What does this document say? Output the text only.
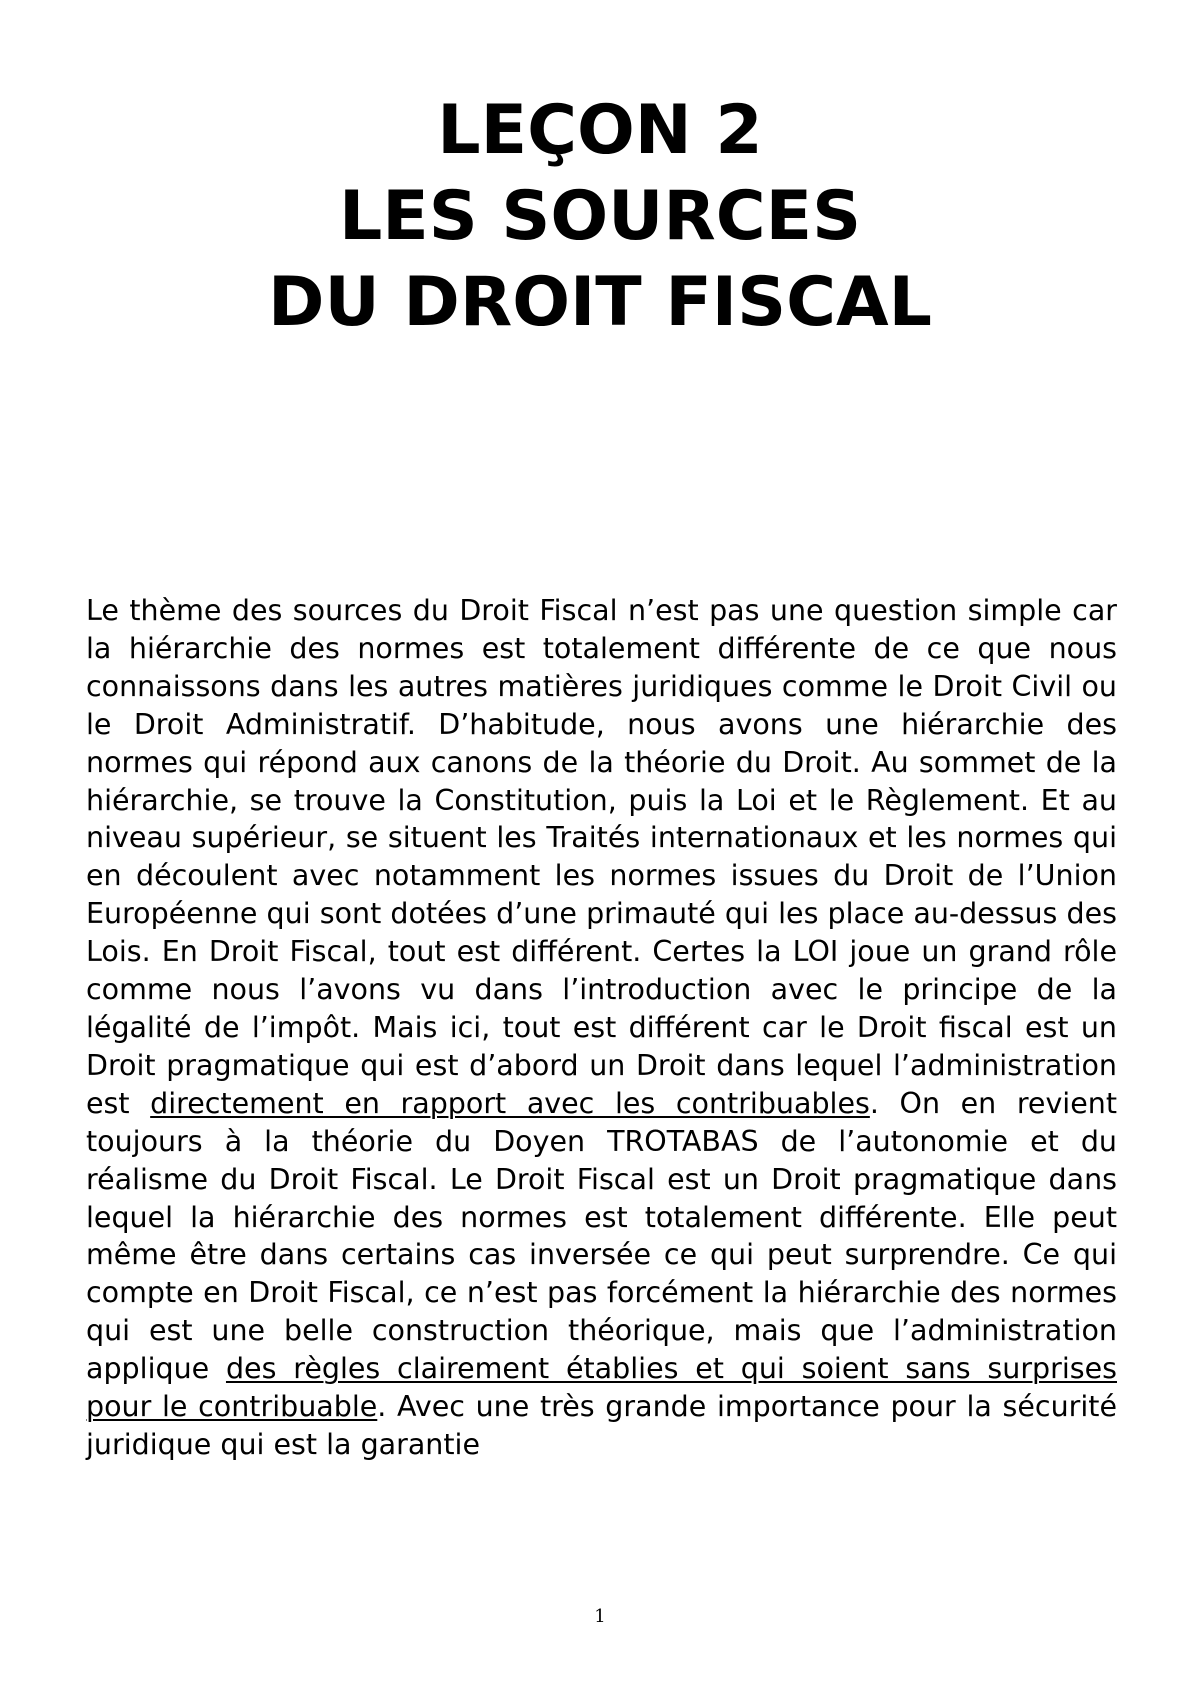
LEÇON 2
LES SOURCES
DU DROIT FISCAL

Le thème des sources du Droit Fiscal n’est pas une question simple car la hiérarchie des normes est totalement différente de ce que nous connaissons dans les autres matières juridiques comme le Droit Civil ou le Droit Administratif. D’habitude, nous avons une hiérarchie des normes qui répond aux canons de la théorie du Droit. Au sommet de la hiérarchie, se trouve la Constitution, puis la Loi et le Règlement. Et au niveau supérieur, se situent les Traités internationaux et les normes qui en découlent avec notamment les normes issues du Droit de l’Union Européenne qui sont dotées d’une primauté qui les place au-dessus des Lois. En Droit Fiscal, tout est différent. Certes la LOI joue un grand rôle comme nous l’avons vu dans l’introduction avec le principe de la légalité de l’impôt. Mais ici, tout est différent car le Droit fiscal est un Droit pragmatique qui est d’abord un Droit dans lequel l’administration est directement en rapport avec les contribuables. On en revient toujours à la théorie du Doyen TROTABAS de l’autonomie et du réalisme du Droit Fiscal. Le Droit Fiscal est un Droit pragmatique dans lequel la hiérarchie des normes est totalement différente. Elle peut même être dans certains cas inversée ce qui peut surprendre. Ce qui compte en Droit Fiscal, ce n’est pas forcément la hiérarchie des normes qui est une belle construction théorique, mais que l’administration applique des règles clairement établies et qui soient sans surprises pour le contribuable. Avec une très grande importance pour la sécurité juridique qui est la garantie

1
